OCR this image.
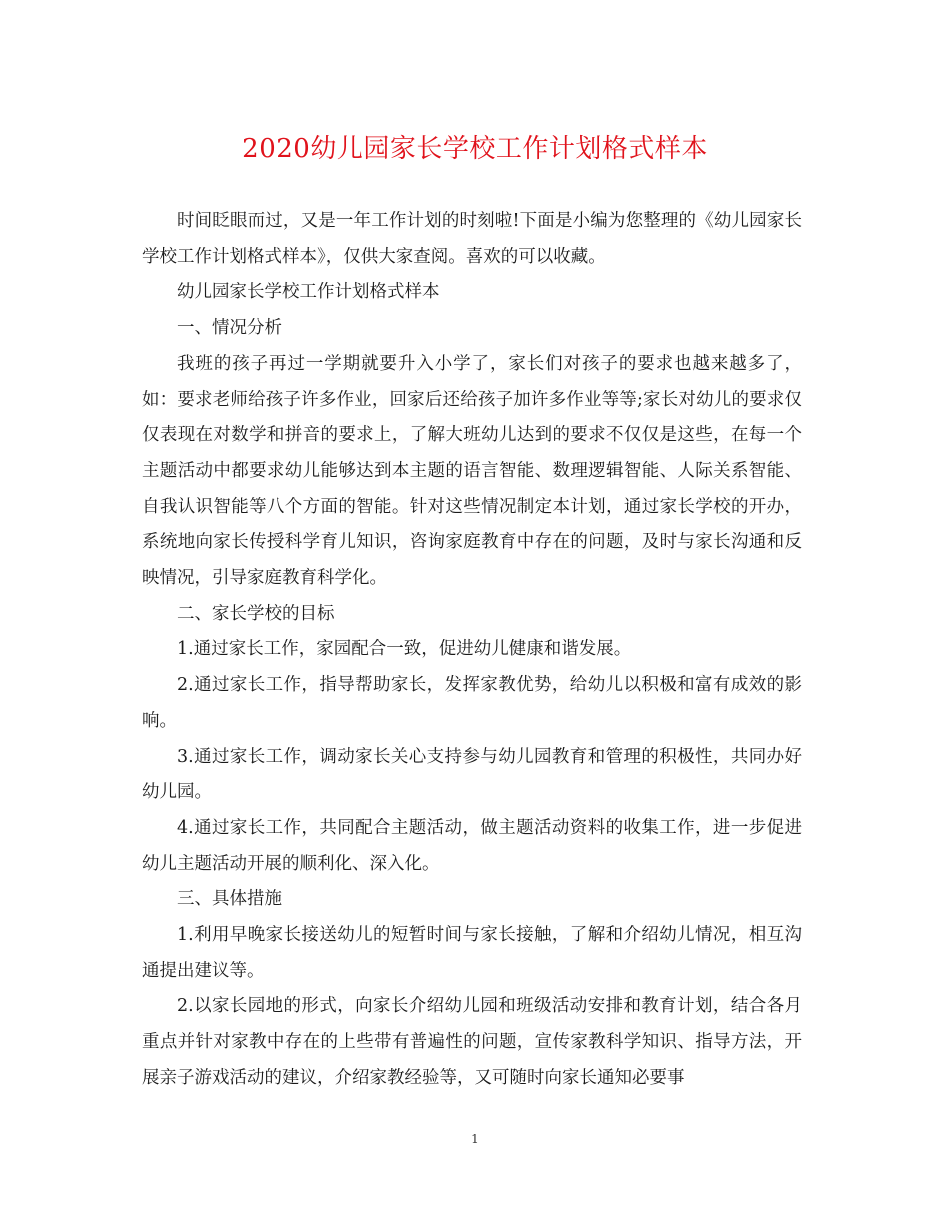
2020幼儿园家长学校工作计划格式样本

时间眨眼而过，又是一年工作计划的时刻啦!下面是小编为您整理的《幼儿园家长学校工作计划格式样本》，仅供大家查阅。喜欢的可以收藏。

幼儿园家长学校工作计划格式样本

一、情况分析

我班的孩子再过一学期就要升入小学了，家长们对孩子的要求也越来越多了，如：要求老师给孩子许多作业，回家后还给孩子加许多作业等等;家长对幼儿的要求仅仅表现在对数学和拼音的要求上，了解大班幼儿达到的要求不仅仅是这些，在每一个主题活动中都要求幼儿能够达到本主题的语言智能、数理逻辑智能、人际关系智能、自我认识智能等八个方面的智能。针对这些情况制定本计划，通过家长学校的开办，系统地向家长传授科学育儿知识，咨询家庭教育中存在的问题，及时与家长沟通和反映情况，引导家庭教育科学化。

二、家长学校的目标

1.通过家长工作，家园配合一致，促进幼儿健康和谐发展。

2.通过家长工作，指导帮助家长，发挥家教优势，给幼儿以积极和富有成效的影响。

3.通过家长工作，调动家长关心支持参与幼儿园教育和管理的积极性，共同办好幼儿园。

4.通过家长工作，共同配合主题活动，做主题活动资料的收集工作，进一步促进幼儿主题活动开展的顺利化、深入化。

三、具体措施

1.利用早晚家长接送幼儿的短暂时间与家长接触，了解和介绍幼儿情况，相互沟通提出建议等。

2.以家长园地的形式，向家长介绍幼儿园和班级活动安排和教育计划，结合各月重点并针对家教中存在的上些带有普遍性的问题，宣传家教科学知识、指导方法，开展亲子游戏活动的建议，介绍家教经验等，又可随时向家长通知必要事

1
